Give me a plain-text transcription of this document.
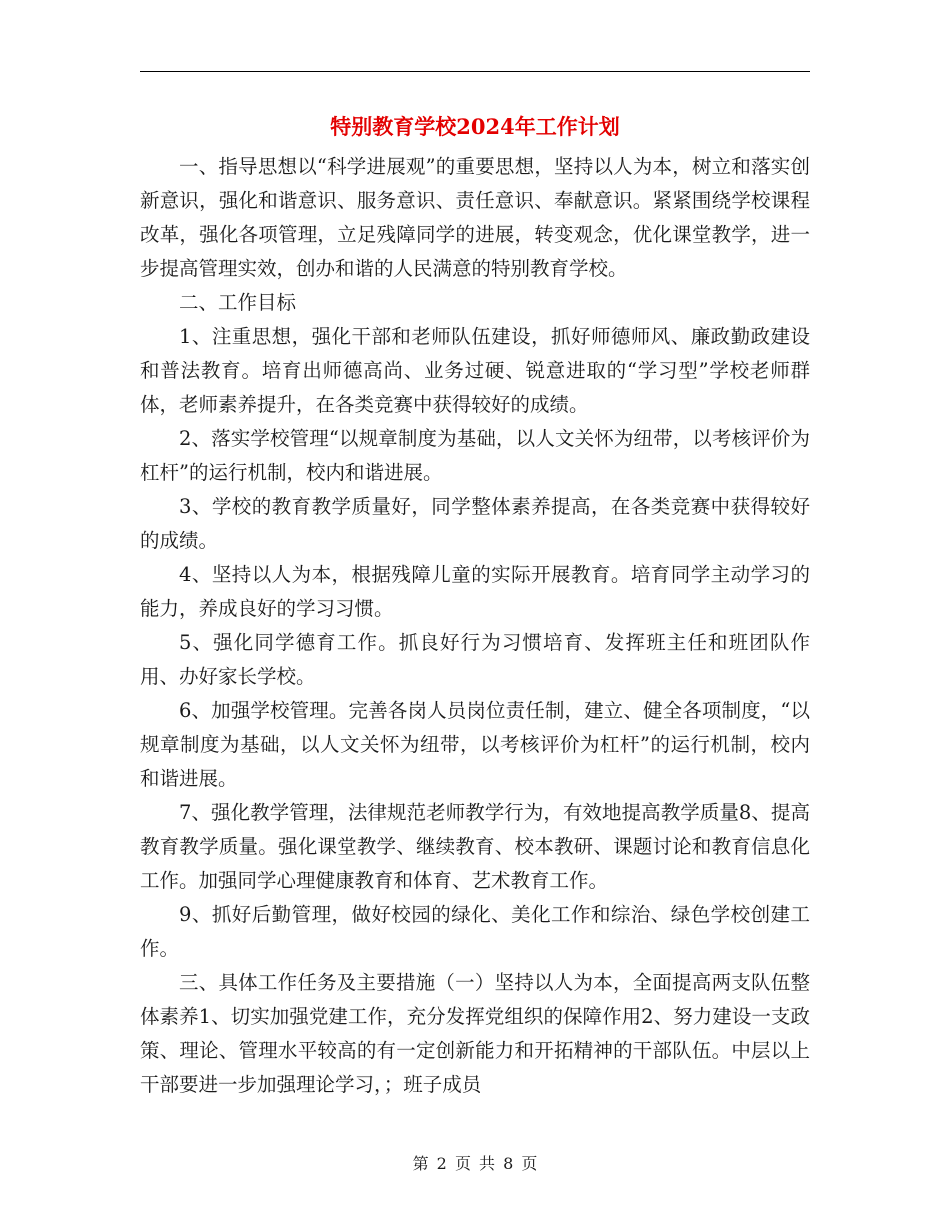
特别教育学校2024年工作计划

一、指导思想以“科学进展观”的重要思想，坚持以人为本，树立和落实创新意识，强化和谐意识、服务意识、责任意识、奉献意识。紧紧围绕学校课程改革，强化各项管理，立足残障同学的进展，转变观念，优化课堂教学，进一步提高管理实效，创办和谐的人民满意的特别教育学校。

二、工作目标

1、注重思想，强化干部和老师队伍建设，抓好师德师风、廉政勤政建设和普法教育。培育出师德高尚、业务过硬、锐意进取的“学习型”学校老师群体，老师素养提升，在各类竞赛中获得较好的成绩。

2、落实学校管理“以规章制度为基础，以人文关怀为纽带，以考核评价为杠杆”的运行机制，校内和谐进展。

3、学校的教育教学质量好，同学整体素养提高，在各类竞赛中获得较好的成绩。

4、坚持以人为本，根据残障儿童的实际开展教育。培育同学主动学习的能力，养成良好的学习习惯。

5、强化同学德育工作。抓良好行为习惯培育、发挥班主任和班团队作用、办好家长学校。

6、加强学校管理。完善各岗人员岗位责任制，建立、健全各项制度，“以规章制度为基础，以人文关怀为纽带，以考核评价为杠杆”的运行机制，校内和谐进展。

7、强化教学管理，法律规范老师教学行为，有效地提高教学质量8、提高教育教学质量。强化课堂教学、继续教育、校本教研、课题讨论和教育信息化工作。加强同学心理健康教育和体育、艺术教育工作。

9、抓好后勤管理，做好校园的绿化、美化工作和综治、绿色学校创建工作。

三、具体工作任务及主要措施（一）坚持以人为本，全面提高两支队伍整体素养1、切实加强党建工作，充分发挥党组织的保障作用2、努力建设一支政策、理论、管理水平较高的有一定创新能力和开拓精神的干部队伍。中层以上干部要进一步加强理论学习，；班子成员

第 2 页 共 8 页
